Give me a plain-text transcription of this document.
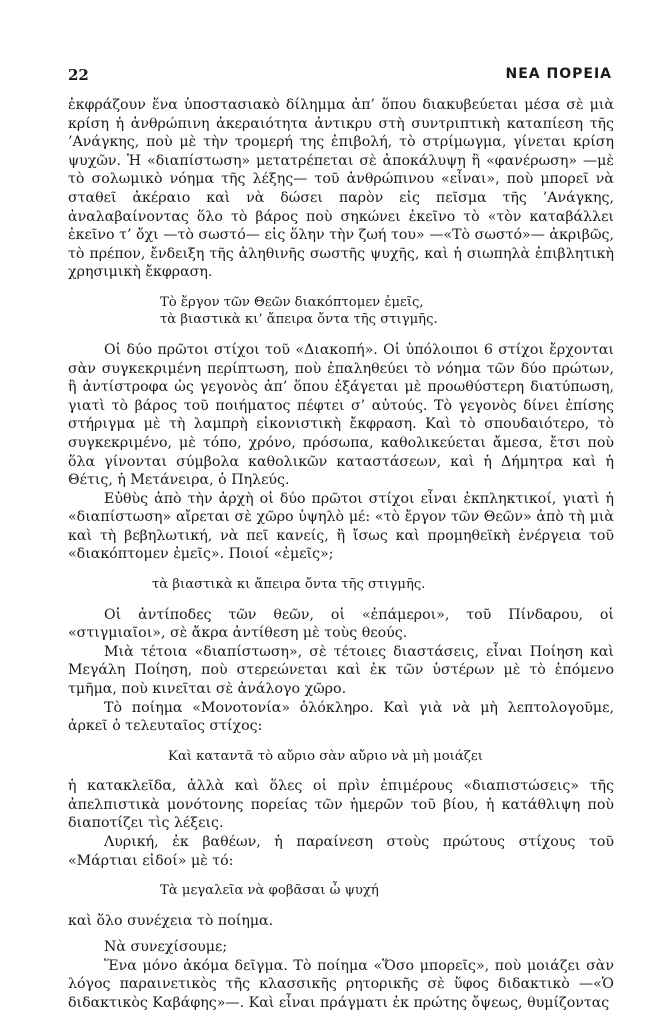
22	ΝΕΑ ΠΟΡΕΙΑ

ἐκφράζουν ἕνα ὑποστασιακὸ δίλημμα ἀπ’ ὅπου διακυβεύεται μέσα σὲ μιὰ κρίση ἡ ἀνθρώπινη ἀκεραιότητα ἀντικρυ στὴ συντριπτικὴ καταπίεση τῆς ’Ανάγκης, ποὺ μὲ τὴν τρομερή της ἐπιβολή, τὸ στρίμωγμα, γίνεται κρίση ψυχῶν. Ἡ «διαπίστωση» μετατρέπεται σὲ ἀποκάλυψη ἢ «φανέρωση» —μὲ τὸ σολωμικὸ νόημα τῆς λέξης— τοῦ ἀνθρώπινου «εἶναι», ποὺ μπορεῖ νὰ σταθεῖ ἀκέραιο καὶ νὰ δώσει παρὸν εἰς πεῖσμα τῆς ’Ανάγκης, ἀναλαβαίνοντας ὅλο τὸ βάρος ποὺ σηκώνει ἐκεῖνο τὸ «τὸν καταβάλλει ἐκεῖνο τ’ ὄχι —τὸ σωστό— εἰς ὅλην τὴν ζωή του» —«Τὸ σωστό»— ἀκριβῶς, τὸ πρέπον, ἔνδειξη τῆς ἀληθινῆς σωστῆς ψυχῆς, καὶ ἡ σιωπηλὰ ἐπιβλητικὴ χρησιμικὴ ἔκφραση.

Τὸ ἔργον τῶν Θεῶν διακόπτομεν ἐμεῖς,

τὰ βιαστικὰ κι’ ἄπειρα ὄντα τῆς στιγμῆς.

Οἱ δύο πρῶτοι στίχοι τοῦ «Διακοπή». Οἱ ὑπόλοιποι 6 στίχοι ἔρχονται σὰν συγκεκριμένη περίπτωση, ποὺ ἐπαληθεύει τὸ νόημα τῶν δύο πρώτων, ἢ ἀντίστροφα ὡς γεγονὸς ἀπ’ ὅπου ἐξάγεται μὲ προωθύστερη διατύπωση, γιατὶ τὸ βάρος τοῦ ποιήματος πέφτει σ’ αὐτούς. Τὸ γεγονὸς δίνει ἐπίσης στήριγμα μὲ τὴ λαμπρὴ εἰκονιστικὴ ἔκφραση. Καὶ τὸ σπουδαιότερο, τὸ συγκεκριμένο, μὲ τόπο, χρόνο, πρόσωπα, καθολικεύεται ἄμεσα, ἔτσι ποὺ ὅλα γίνονται σύμβολα καθολικῶν καταστάσεων, καὶ ἡ Δήμητρα καὶ ἡ Θέτις, ἡ Μετάνειρα, ὁ Πηλεύς.

Εὐθὺς ἀπὸ τὴν ἀρχὴ οἱ δύο πρῶτοι στίχοι εἶναι ἐκπληκτικοί, γιατὶ ἡ «διαπίστωση» αἴρεται σὲ χῶρο ὑψηλὸ μέ: «τὸ ἔργον τῶν Θεῶν» ἀπὸ τὴ μιὰ καὶ τὴ βεβηλωτική, νὰ πεῖ κανείς, ἢ ἴσως καὶ προμηθεϊκὴ ἐνέργεια τοῦ «διακόπτομεν ἐμεῖς». Ποιοί «ἐμεῖς»;

τὰ βιαστικὰ κι ἄπειρα ὄντα τῆς στιγμῆς.

Οἱ ἀντίποδες τῶν θεῶν, οἱ «ἐπάμεροι», τοῦ Πίνδαρου, οἱ «στιγμιαῖοι», σὲ ἄκρα ἀντίθεση μὲ τοὺς θεούς.

Μιὰ τέτοια «διαπίστωση», σὲ τέτοιες διαστάσεις, εἶναι Ποίηση καὶ Μεγάλη Ποίηση, ποὺ στερεώνεται καὶ ἐκ τῶν ὑστέρων μὲ τὸ ἑπόμενο τμῆμα, ποὺ κινεῖται σὲ ἀνάλογο χῶρο.

Τὸ ποίημα «Μονοτονία» ὁλόκληρο. Καὶ γιὰ νὰ μὴ λεπτολογοῦμε, ἀρκεῖ ὁ τελευταῖος στίχος:

Καὶ καταντᾶ τὸ αὔριο σὰν αὔριο νὰ μὴ μοιάζει

ἡ κατακλεῖδα, ἀλλὰ καὶ ὅλες οἱ πρὶν ἐπιμέρους «διαπιστώσεις» τῆς ἀπελπιστικὰ μονότονης πορείας τῶν ἡμερῶν τοῦ βίου, ἡ κατάθλιψη ποὺ διαποτίζει τὶς λέξεις.

Λυρική, ἐκ βαθέων, ἡ παραίνεση στοὺς πρώτους στίχους τοῦ «Μάρτιαι εἰδοί» μὲ τό:

Τὰ μεγαλεῖα νὰ φοβᾶσαι ὦ ψυχή

καὶ ὅλο συνέχεια τὸ ποίημα.

Νὰ συνεχίσουμε;

Ἕνα μόνο ἀκόμα δεῖγμα. Τὸ ποίημα «Ὅσο μπορεῖς», ποὺ μοιάζει σὰν λόγος παραινετικὸς τῆς κλασσικῆς ρητορικῆς σὲ ὕφος διδακτικὸ —«Ὁ διδακτικὸς Καβάφης»—. Καὶ εἶναι πράγματι ἐκ πρώτης ὄψεως, θυμίζοντας
